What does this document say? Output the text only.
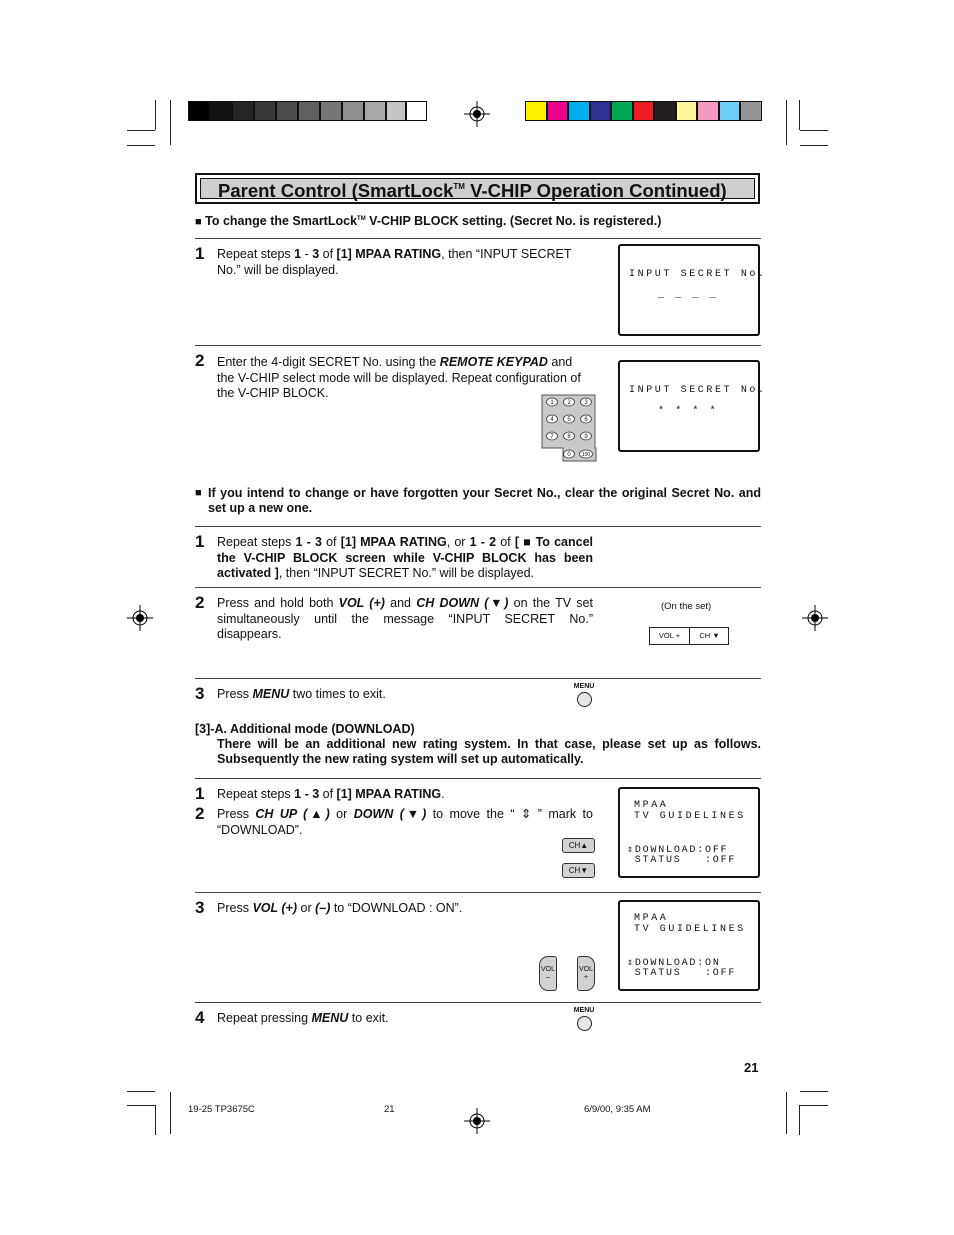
Parent Control (SmartLock™ V-CHIP Operation Continued)
■ To change the SmartLock™ V-CHIP BLOCK setting. (Secret No. is registered.)
1 Repeat steps 1 - 3 of [1] MPAA RATING, then “INPUT SECRET No.” will be displayed.	INPUT SECRET No.
_ _ _ _
2 Enter the 4-digit SECRET No. using the REMOTE KEYPAD and the V-CHIP select mode will be displayed. Repeat configuration of the V-CHIP BLOCK.
1 2 3
4 5 6
7 8 9
0 100
INPUT SECRET No.
* * * *
■ If you intend to change or have forgotten your Secret No., clear the original Secret No. and set up a new one.
1 Repeat steps 1 - 3 of [1] MPAA RATING, or 1 - 2 of [ ■ To cancel the V-CHIP BLOCK screen while V-CHIP BLOCK has been activated ], then “INPUT SECRET No.” will be displayed.
2 Press and hold both VOL (+) and CH DOWN (▼) on the TV set simultaneously until the message “INPUT SECRET No.” disappears.
(On the set)
VOL +	CH ▼
3 Press MENU two times to exit.
MENU
[3]-A. Additional mode (DOWNLOAD)
There will be an additional new rating system. In that case, please set up as follows. Subsequently the new rating system will set up automatically.
1 Repeat steps 1 - 3 of [1] MPAA RATING.
2 Press CH UP (▲) or DOWN (▼) to move the “ ⇕ ” mark to “DOWNLOAD”.
CH▲
CH▼
MPAA
TV GUIDELINES
⇕DOWNLOAD:OFF
STATUS   :OFF
3 Press VOL (+) or (–) to “DOWNLOAD : ON”.
VOL
–
VOL
+
MPAA
TV GUIDELINES
⇕DOWNLOAD:ON
STATUS   :OFF
4 Repeat pressing MENU to exit.
MENU
21
19-25 TP3675C	21	6/9/00, 9:35 AM
